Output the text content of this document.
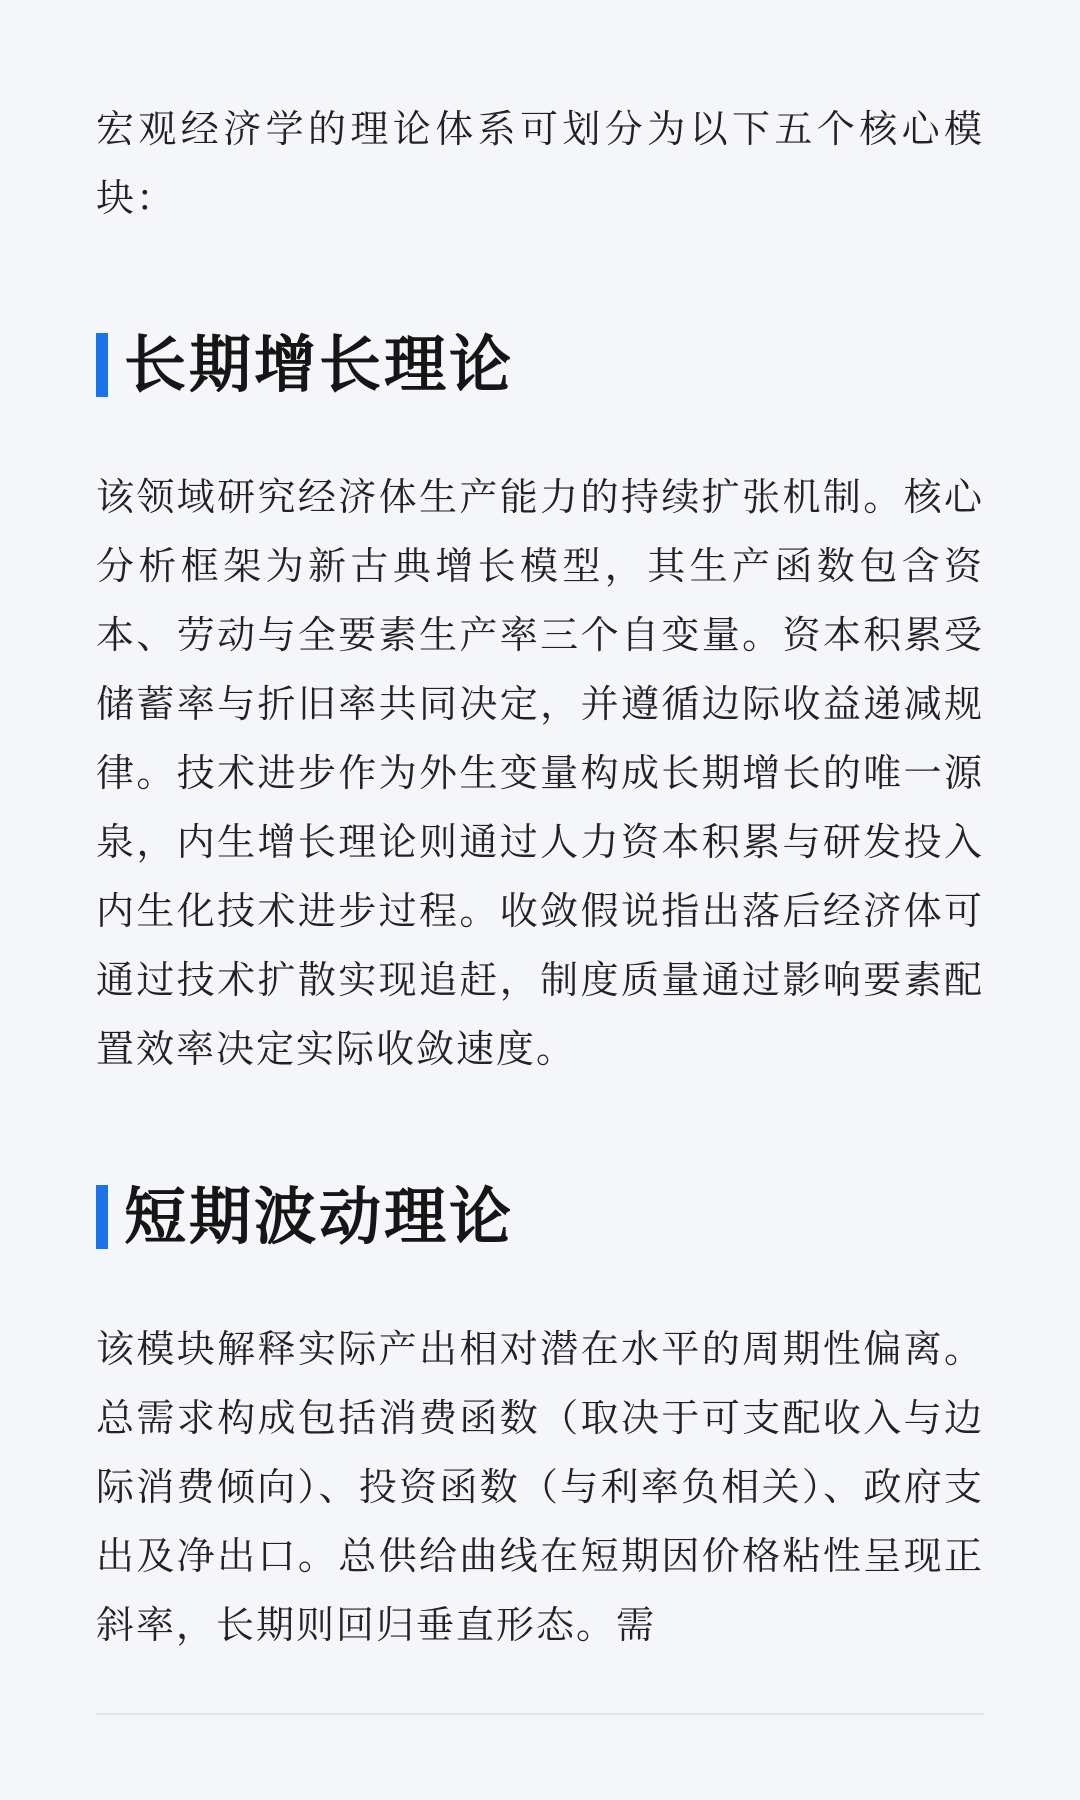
宏观经济学的理论体系可划分为以下五个核心模块：

长期增长理论

该领域研究经济体生产能力的持续扩张机制。核心分析框架为新古典增长模型，其生产函数包含资本、劳动与全要素生产率三个自变量。资本积累受储蓄率与折旧率共同决定，并遵循边际收益递减规律。技术进步作为外生变量构成长期增长的唯一源泉，内生增长理论则通过人力资本积累与研发投入内生化技术进步过程。收敛假说指出落后经济体可通过技术扩散实现追赶，制度质量通过影响要素配置效率决定实际收敛速度。

短期波动理论

该模块解释实际产出相对潜在水平的周期性偏离。总需求构成包括消费函数（取决于可支配收入与边际消费倾向）、投资函数（与利率负相关）、政府支出及净出口。总供给曲线在短期因价格粘性呈现正斜率，长期则回归垂直形态。需
